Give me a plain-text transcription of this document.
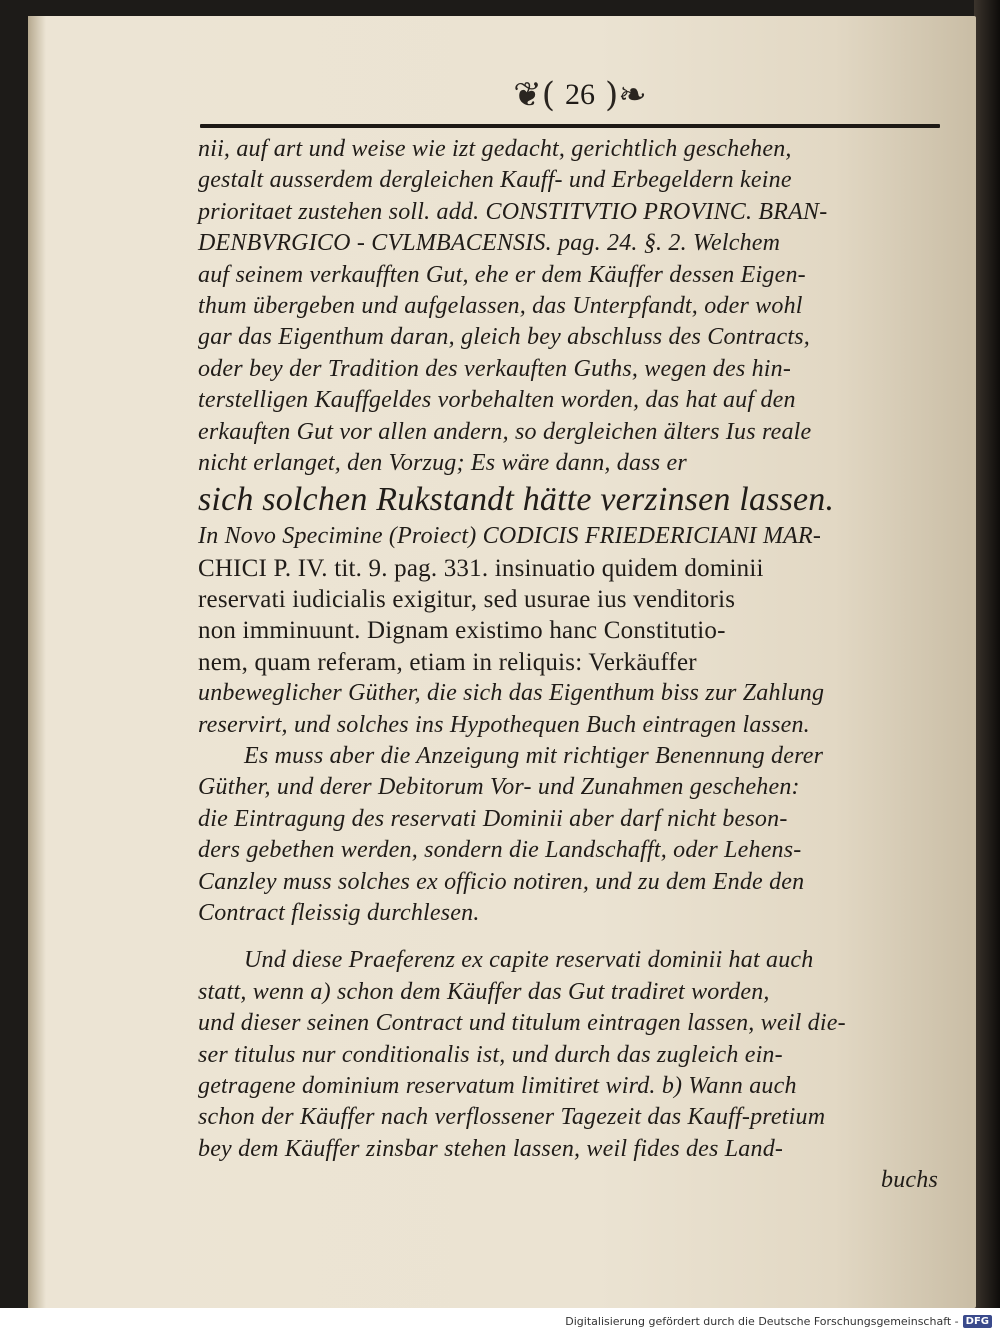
❦( 26 )❧
nii, auf art und weise wie izt gedacht, gerichtlich geschehen,
gestalt ausserdem dergleichen Kauff- und Erbegeldern keine
prioritaet zustehen soll. add. CONSTITVTIO PROVINC. BRAN-
DENBVRGICO - CVLMBACENSIS. pag. 24. §. 2. Welchem
auf seinem verkaufften Gut, ehe er dem Käuffer dessen Eigen-
thum übergeben und aufgelassen, das Unterpfandt, oder wohl
gar das Eigenthum daran, gleich bey abschluss des Contracts,
oder bey der Tradition des verkauften Guths, wegen des hin-
terstelligen Kauffgeldes vorbehalten worden, das hat auf den
erkauften Gut vor allen andern, so dergleichen älters Ius reale
nicht erlanget, den Vorzug; Es wäre dann, dass er
sich solchen Rukstandt hätte verzinsen lassen.
In Novo Specimine (Proiect) CODICIS FRIEDERICIANI MAR-
CHICI P. IV. tit. 9. pag. 331. insinuatio quidem dominii
reservati iudicialis exigitur, sed usurae ius venditoris
non imminuunt. Dignam existimo hanc Constitutio-
nem, quam referam, etiam in reliquis: Verkäuffer
unbeweglicher Güther, die sich das Eigenthum biss zur Zahlung
reservirt, und solches ins Hypothequen Buch eintragen lassen.
Es muss aber die Anzeigung mit richtiger Benennung derer
Güther, und derer Debitorum Vor- und Zunahmen geschehen:
die Eintragung des reservati Dominii aber darf nicht beson-
ders gebethen werden, sondern die Landschafft, oder Lehens-
Canzley muss solches ex officio notiren, und zu dem Ende den
Contract fleissig durchlesen.
Und diese Praeferenz ex capite reservati dominii hat auch
statt, wenn a) schon dem Käuffer das Gut tradiret worden,
und dieser seinen Contract und titulum eintragen lassen, weil die-
ser titulus nur conditionalis ist, und durch das zugleich ein-
getragene dominium reservatum limitiret wird. b) Wann auch
schon der Käuffer nach verflossener Tagezeit das Kauff-pretium
bey dem Käuffer zinsbar stehen lassen, weil fides des Land-
buchs
Digitalisierung gefördert durch die Deutsche Forschungsgemeinschaft - DFG
